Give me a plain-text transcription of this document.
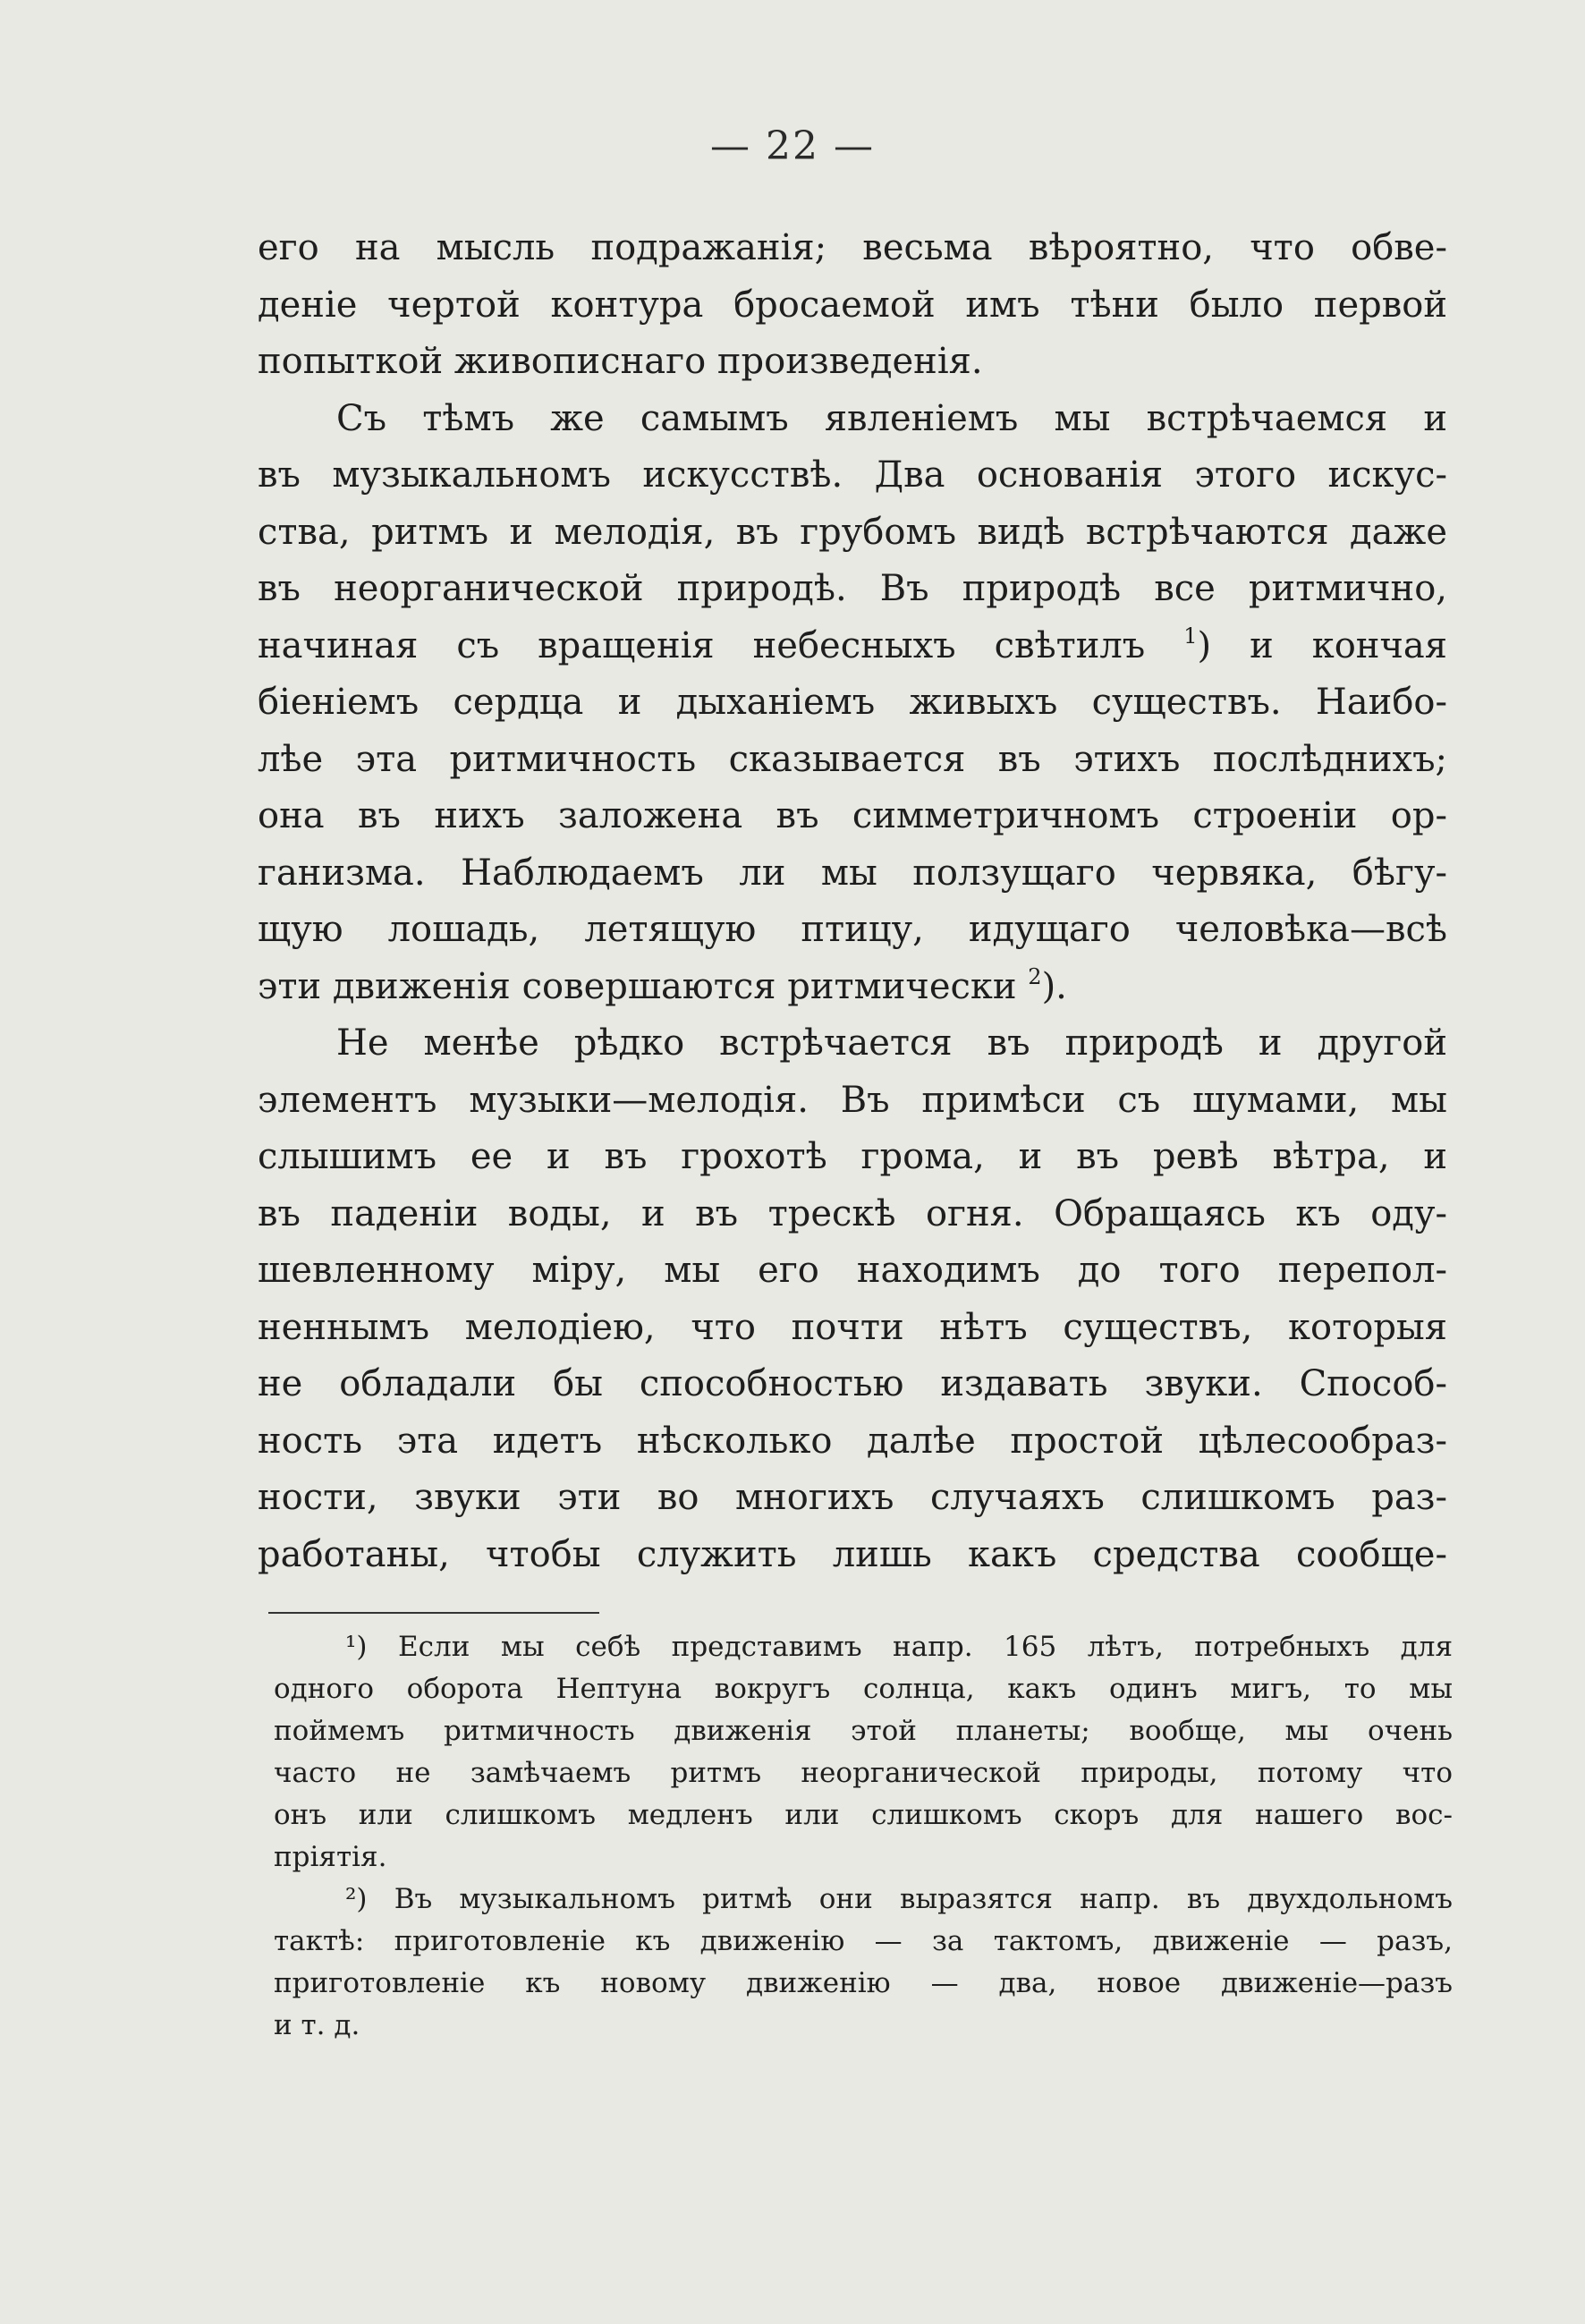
— 22 —
его на мысль подражанія; весьма вѣроятно, что обве-
деніе чертой контура бросаемой имъ тѣни было первой
попыткой живописнаго произведенія.
Съ тѣмъ же самымъ явленіемъ мы встрѣчаемся и
въ музыкальномъ искусствѣ. Два основанія этого искус-
ства, ритмъ и мелодія, въ грубомъ видѣ встрѣчаются даже
въ неорганической природѣ. Въ природѣ все ритмично,
начиная съ вращенія небесныхъ свѣтилъ $^1$) и кончая
біеніемъ сердца и дыханіемъ живыхъ существъ. Наибо-
лѣе эта ритмичность сказывается въ этихъ послѣднихъ;
она въ нихъ заложена въ симметричномъ строеніи ор-
ганизма. Наблюдаемъ ли мы ползущаго червяка, бѣгу-
щую лошадь, летящую птицу, идущаго человѣка—всѣ
эти движенія совершаются ритмически $^2$).
Не менѣе рѣдко встрѣчается въ природѣ и другой
элементъ музыки—мелодія. Въ примѣси съ шумами, мы
слышимъ ее и въ грохотѣ грома, и въ ревѣ вѣтра, и
въ паденіи воды, и въ трескѣ огня. Обращаясь къ оду-
шевленному міру, мы его находимъ до того перепол-
неннымъ мелодіею, что почти нѣтъ существъ, которыя
не обладали бы способностью издавать звуки. Способ-
ность эта идетъ нѣсколько далѣе простой цѣлесообраз-
ности, звуки эти во многихъ случаяхъ слишкомъ раз-
работаны, чтобы служить лишь какъ средства сообще-
¹) Если мы себѣ представимъ напр. 165 лѣтъ, потребныхъ для
одного оборота Нептуна вокругъ солнца, какъ одинъ мигъ, то мы
поймемъ ритмичность движенія этой планеты; вообще, мы очень
часто не замѣчаемъ ритмъ неорганической природы, потому что
онъ или слишкомъ медленъ или слишкомъ скоръ для нашего вос-
пріятія.
²) Въ музыкальномъ ритмѣ они выразятся напр. въ двухдольномъ
тактѣ: приготовленіе къ движенію — за тактомъ, движеніе — разъ,
приготовленіе къ новому движенію — два, новое движеніе—разъ
и т. д.
